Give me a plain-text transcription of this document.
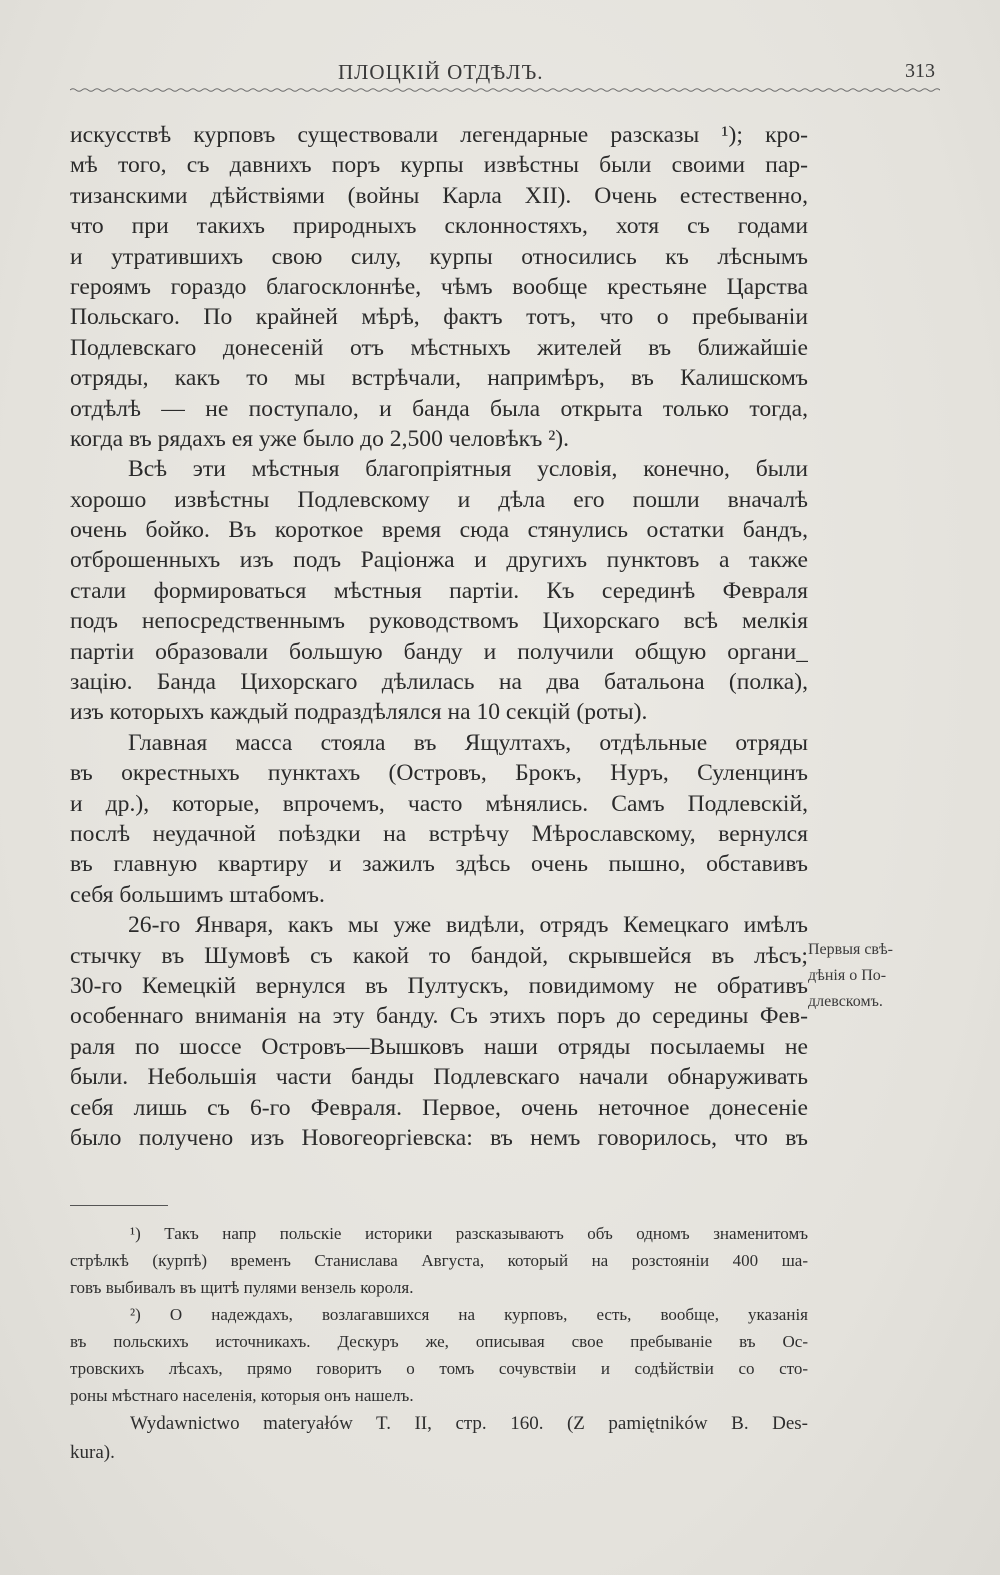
ПЛОЦКІЙ ОТДѢЛЪ.	313
искусствѣ курповъ существовали легендарные разсказы ¹); кро-
мѣ того, съ давнихъ поръ курпы извѣстны были своими пар-
тизанскими дѣйствіями (войны Карла XII). Очень естественно,
что при такихъ природныхъ склонностяхъ, хотя съ годами
и утратившихъ свою силу, курпы относились къ лѣснымъ
героямъ гораздо благосклоннѣе, чѣмъ вообще крестьяне Царства
Польскаго. По крайней мѣрѣ, фактъ тотъ, что о пребываніи
Подлевскаго донесеній отъ мѣстныхъ жителей въ ближайшіе
отряды, какъ то мы встрѣчали, напримѣръ, въ Калишскомъ
отдѣлѣ — не поступало, и банда была открыта только тогда,
когда въ рядахъ ея уже было до 2,500 человѣкъ ²).
Всѣ эти мѣстныя благопріятныя условія, конечно, были
хорошо извѣстны Подлевскому и дѣла его пошли вначалѣ
очень бойко. Въ короткое время сюда стянулись остатки бандъ,
отброшенныхъ изъ подъ Раціонжа и другихъ пунктовъ а также
стали формироваться мѣстныя партіи. Къ серединѣ Февраля
подъ непосредственнымъ руководствомъ Цихорскаго всѣ мелкія
партіи образовали большую банду и получили общую органи_
зацію. Банда Цихорскаго дѣлилась на два батальона (полка),
изъ которыхъ каждый подраздѣлялся на 10 секцій (роты).
Главная масса стояла въ Ящултахъ, отдѣльные отряды
въ окрестныхъ пунктахъ (Островъ, Брокъ, Нуръ, Суленцинъ
и др.), которые, впрочемъ, часто мѣнялись. Самъ Подлевскій,
послѣ неудачной поѣздки на встрѣчу Мѣрославскому, вернулся
въ главную квартиру и зажилъ здѣсь очень пышно, обставивъ
себя большимъ штабомъ.
26-го Января, какъ мы уже видѣли, отрядъ Кемецкаго имѣлъ
стычку въ Шумовѣ съ какой то бандой, скрывшейся въ лѣсъ;
30-го Кемецкій вернулся въ Пултускъ, повидимому не обративъ
особеннаго вниманія на эту банду. Съ этихъ поръ до середины Фев-
раля по шоссе Островъ—Вышковъ наши отряды посылаемы не
были. Небольшія части банды Подлевскаго начали обнаруживать
себя лишь съ 6-го Февраля. Первое, очень неточное донесеніе
было получено изъ Новогеоргіевска: въ немъ говорилось, что въ
Первыя свѣ-
дѣнія о По-
длевскомъ.
¹) Такъ напр польскіе историки разсказываютъ объ одномъ знаменитомъ
стрѣлкѣ (курпѣ) временъ Станислава Августа, который на розстояніи 400 ша-
говъ выбивалъ въ щитѣ пулями вензель короля.
²) О надеждахъ, возлагавшихся на курповъ, есть, вообще, указанія
въ польскихъ источникахъ. Дескуръ же, описывая свое пребываніе въ Ос-
тровскихъ лѣсахъ, прямо говоритъ о томъ сочувствіи и содѣйствіи со сто-
роны мѣстнаго населенія, которыя онъ нашелъ.
Wydawnictwo materyałów T. II, стр. 160. (Z pamiętników B. Des-
kura).
